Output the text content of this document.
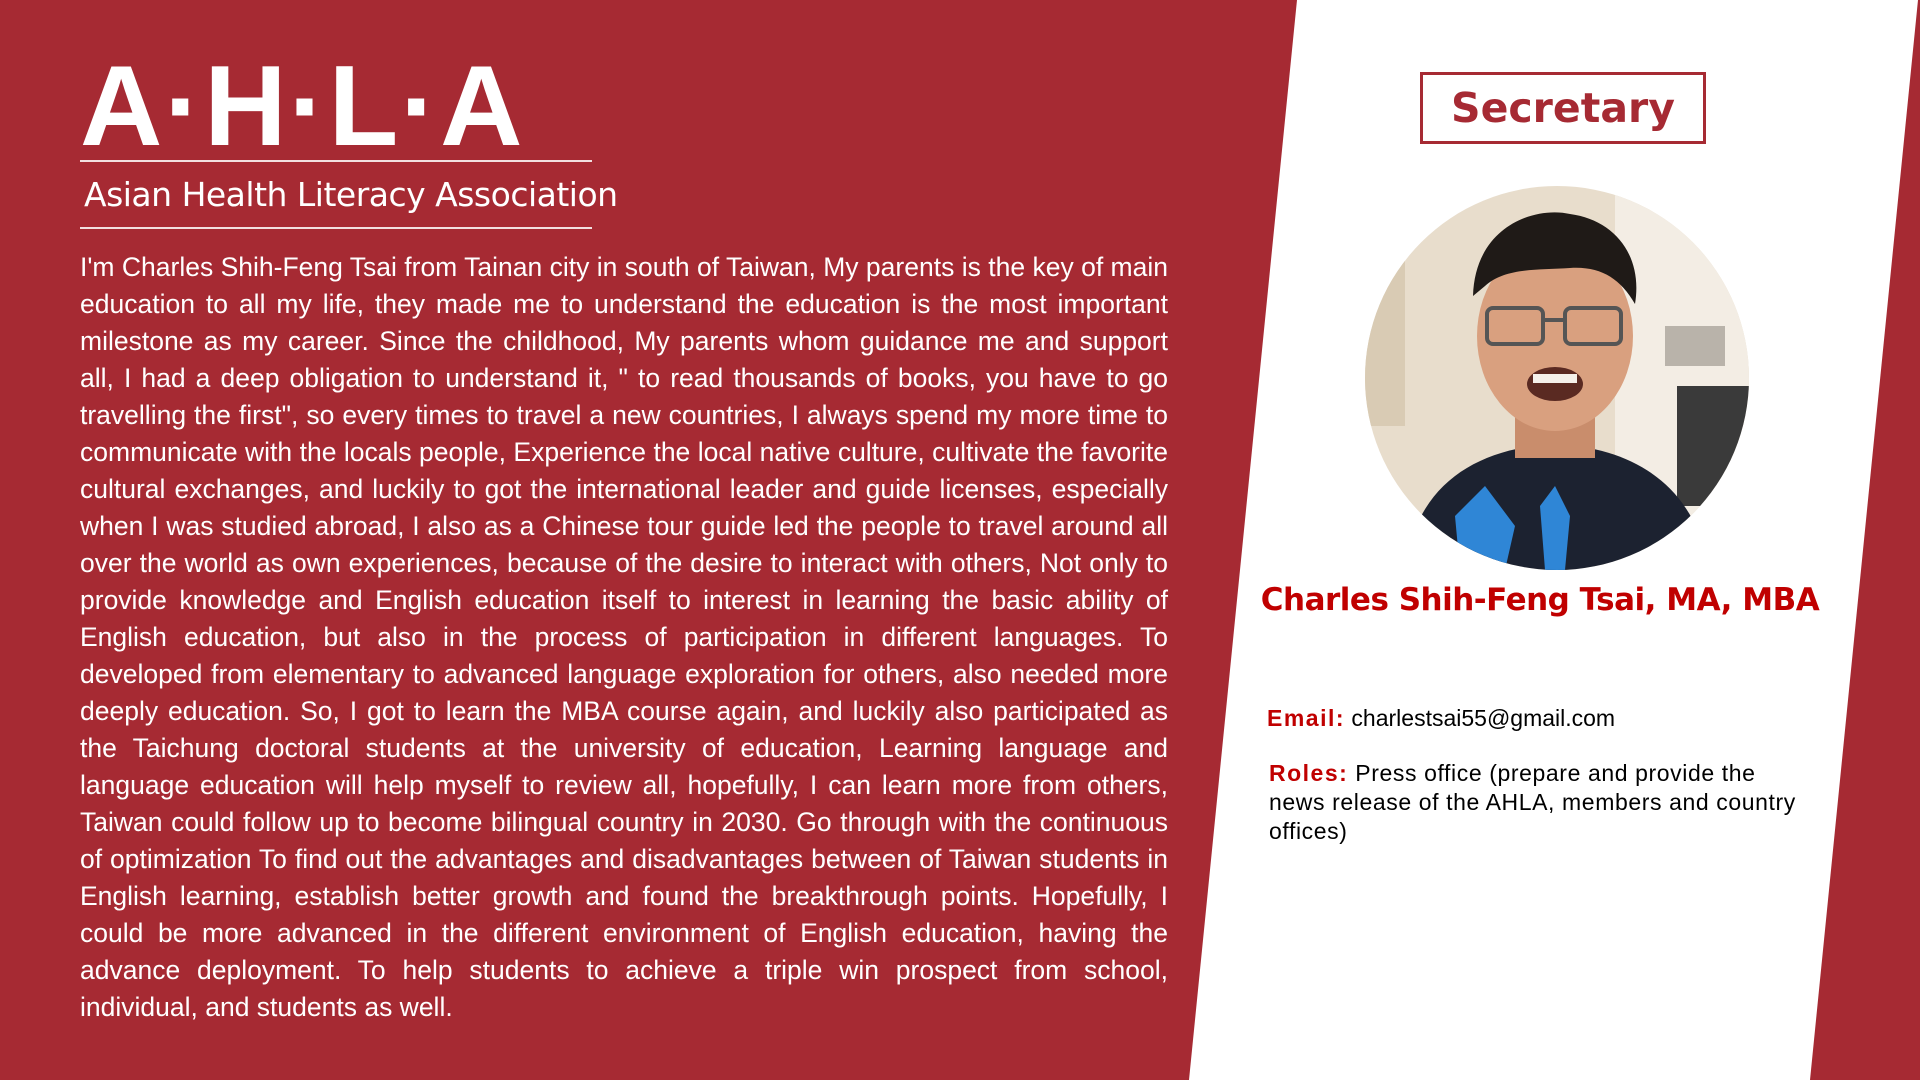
A·H·L·A
Asian Health Literacy Association

I'm Charles Shih-Feng Tsai from Tainan city in south of Taiwan, My parents is the key of main education to all my life, they made me to understand the education is the most important milestone as my career. Since the childhood, My parents whom guidance me and support all, I had a deep obligation to understand it, " to read thousands of books, you have to go travelling the first", so every times to travel a new countries, I always spend my more time to communicate with the locals people, Experience the local native culture, cultivate the favorite cultural exchanges, and luckily to got the international leader and guide licenses, especially when I was studied abroad, I also as a Chinese tour guide led the people to travel around all over the world as own experiences, because of the desire to interact with others, Not only to provide knowledge and English education itself to interest in learning the basic ability of English education, but also in the process of participation in different languages. To developed from elementary to advanced language exploration for others, also needed more deeply education. So, I got to learn the MBA course again, and luckily also participated as the Taichung doctoral students at the university of education, Learning language and language education will help myself to review all, hopefully, I can learn more from others, Taiwan could follow up to become bilingual country in 2030. Go through with the continuous of optimization To find out the advantages and disadvantages between of Taiwan students in English learning, establish better growth and found the breakthrough points. Hopefully, I could be more advanced in the different environment of English education, having the advance deployment. To help students to achieve a triple win prospect from school, individual, and students as well.

Secretary
Charles Shih-Feng Tsai, MA, MBA
Email: charlestsai55@gmail.com
Roles: Press office (prepare and provide the news release of the AHLA, members and country offices)
